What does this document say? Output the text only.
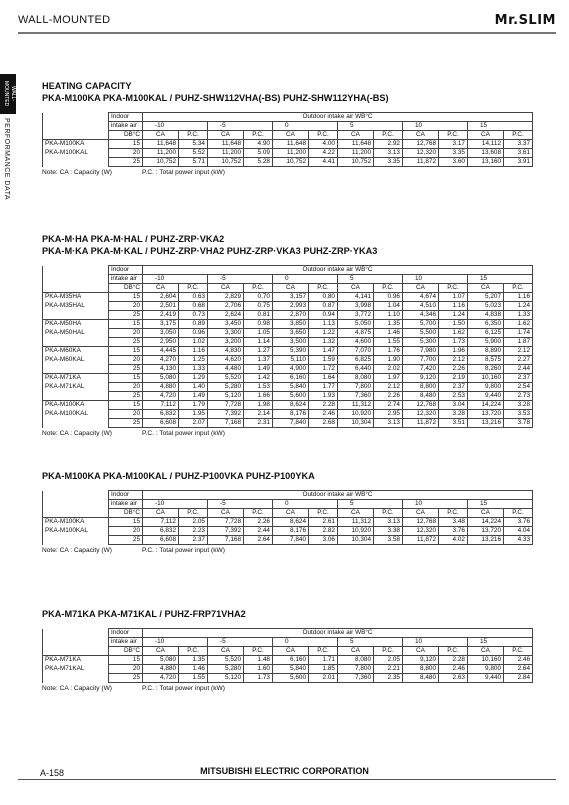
WALL-MOUNTED	Mr.SLIM
WALL-MOUNTED
PERFORMANCE DATA
HEATING CAPACITY
PKA-M100KA PKA-M100KAL / PUHZ-SHW112VHA(-BS) PUHZ-SHW112YHA(-BS)
	Indoor	Outdoor intake air WB°C											
	intake air	-10		-5		0		5		10		15	
	DB°C	CA	P.C.	CA	P.C.	CA	P.C.	CA	P.C.	CA	P.C.	CA	P.C.
PKA-M100KA	15	11,648	5.34	11,648	4.90	11,648	4.00	11,648	2.92	12,768	3.17	14,112	3.37
PKA-M100KAL	20	11,200	5.52	11,200	5.09	11,200	4.22	11,200	3.13	12,320	3.35	13,608	3.61
	25	10,752	5.71	10,752	5.28	10,752	4.41	10,752	3.35	11,872	3.60	13,160	3.91
Note: CA : Capacity (W)	P.C. : Total power input (kW)
PKA-M·HA PKA-M·HAL / PUHZ-ZRP·VKA2
PKA-M·KA PKA-M·KAL / PUHZ-ZRP·VHA2 PUHZ-ZRP·VKA3 PUHZ-ZRP·YKA3
	Indoor	Outdoor intake air WB°C											
	intake air	-10		-5		0		5		10		15	
	DB°C	CA	P.C.	CA	P.C.	CA	P.C.	CA	P.C.	CA	P.C.	CA	P.C.
PKA-M35HA	15	2,604	0.63	2,829	0.70	3,157	0.80	4,141	0.96	4,674	1.07	5,207	1.16
PKA-M35HAL	20	2,501	0.68	2,706	0.75	2,993	0.87	3,998	1.04	4,510	1.16	5,023	1.24
	25	2,419	0.73	2,624	0.81	2,870	0.94	3,772	1.10	4,346	1.24	4,838	1.33
PKA-M50HA	15	3,175	0.89	3,450	0.98	3,850	1.13	5,050	1.35	5,700	1.50	6,350	1.62
PKA-M50HAL	20	3,050	0.96	3,300	1.05	3,650	1.22	4,875	1.46	5,500	1.62	6,125	1.74
	25	2,950	1.02	3,200	1.14	3,500	1.32	4,600	1.55	5,300	1.73	5,900	1.87
PKA-M60KA	15	4,445	1.16	4,830	1.27	5,390	1.47	7,070	1.76	7,980	1.96	8,890	2.12
PKA-M60KAL	20	4,270	1.25	4,620	1.37	5,110	1.59	6,825	1.90	7,700	2.12	8,575	2.27
	25	4,130	1.33	4,480	1.49	4,900	1.72	6,440	2.02	7,420	2.26	8,260	2.44
PKA-M71KA	15	5,080	1.29	5,520	1.42	6,160	1.64	8,080	1.97	9,120	2.19	10,160	2.37
PKA-M71KAL	20	4,880	1.40	5,280	1.53	5,840	1.77	7,800	2.12	8,800	2.37	9,800	2.54
	25	4,720	1.49	5,120	1.66	5,600	1.93	7,360	2.26	8,480	2.53	9,440	2.73
PKA-M100KA	15	7,112	1.79	7,728	1.98	8,624	2.28	11,312	2.74	12,768	3.04	14,224	3.28
PKA-M100KAL	20	6,832	1.95	7,392	2.14	8,176	2.46	10,920	2.95	12,320	3.28	13,720	3.53
	25	6,608	2.07	7,168	2.31	7,840	2.68	10,304	3.13	11,872	3.51	13,216	3.78
Note: CA : Capacity (W)	P.C. : Total power input (kW)
PKA-M100KA PKA-M100KAL / PUHZ-P100VKA PUHZ-P100YKA
	Indoor	Outdoor intake air WB°C											
	intake air	-10		-5		0		5		10		15	
	DB°C	CA	P.C.	CA	P.C.	CA	P.C.	CA	P.C.	CA	P.C.	CA	P.C.
PKA-M100KA	15	7,112	2.05	7,728	2.26	8,624	2.61	11,312	3.13	12,768	3.48	14,224	3.76
PKA-M100KAL	20	6,832	2.23	7,392	2.44	8,176	2.82	10,920	3.38	12,320	3.76	13,720	4.04
	25	6,608	2.37	7,168	2.64	7,840	3.06	10,304	3.58	11,872	4.02	13,216	4.33
Note: CA : Capacity (W)	P.C. : Total power input (kW)
PKA-M71KA PKA-M71KAL / PUHZ-FRP71VHA2
	Indoor	Outdoor intake air WB°C											
	intake air	-10		-5		0		5		10		15	
	DB°C	CA	P.C.	CA	P.C.	CA	P.C.	CA	P.C.	CA	P.C.	CA	P.C.
PKA-M71KA	15	5,080	1.35	5,520	1.48	6,160	1.71	8,080	2.05	9,120	2.28	10,160	2.46
PKA-M71KAL	20	4,880	1.46	5,280	1.60	5,840	1.85	7,800	2.21	8,800	2.46	9,800	2.64
	25	4,720	1.55	5,120	1.73	5,600	2.01	7,360	2.35	8,480	2.63	9,440	2.84
Note: CA : Capacity (W)	P.C. : Total power input (kW)
A-158	MITSUBISHI ELECTRIC CORPORATION
